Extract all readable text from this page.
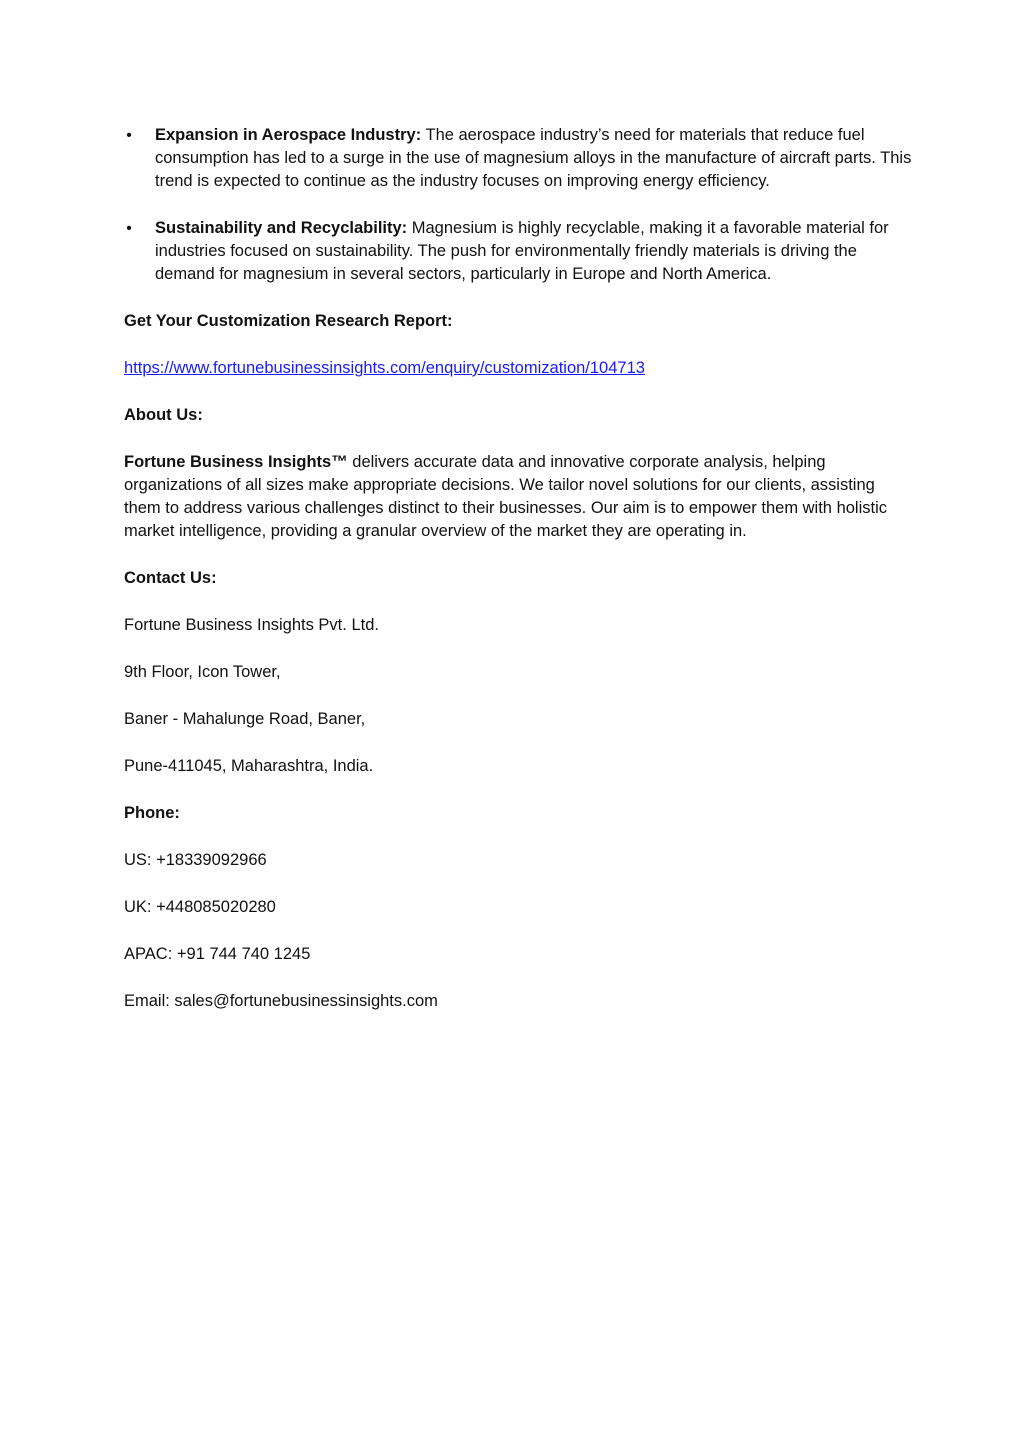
• Expansion in Aerospace Industry: The aerospace industry’s need for materials that reduce fuel consumption has led to a surge in the use of magnesium alloys in the manufacture of aircraft parts. This trend is expected to continue as the industry focuses on improving energy efficiency.
• Sustainability and Recyclability: Magnesium is highly recyclable, making it a favorable material for industries focused on sustainability. The push for environmentally friendly materials is driving the demand for magnesium in several sectors, particularly in Europe and North America.

Get Your Customization Research Report:

https://www.fortunebusinessinsights.com/enquiry/customization/104713

About Us:

Fortune Business Insights™ delivers accurate data and innovative corporate analysis, helping organizations of all sizes make appropriate decisions. We tailor novel solutions for our clients, assisting them to address various challenges distinct to their businesses. Our aim is to empower them with holistic market intelligence, providing a granular overview of the market they are operating in.

Contact Us:

Fortune Business Insights Pvt. Ltd.

9th Floor, Icon Tower,

Baner - Mahalunge Road, Baner,

Pune-411045, Maharashtra, India.

Phone:

US: +18339092966

UK: +448085020280

APAC: +91 744 740 1245

Email: sales@fortunebusinessinsights.com
